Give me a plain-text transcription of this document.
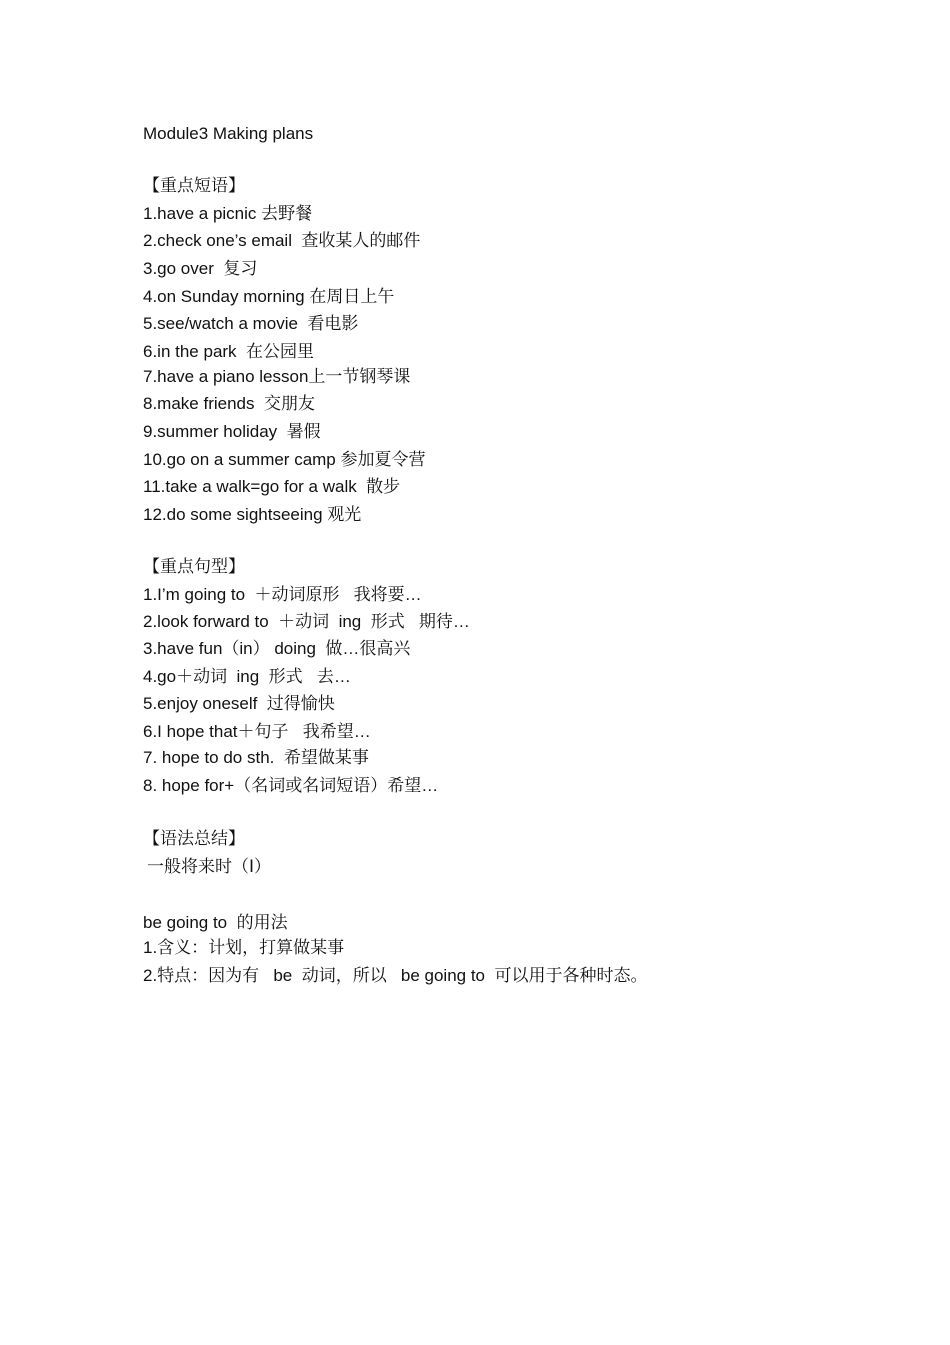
Module3 Making plans
【重点短语】
1.have a picnic 去野餐
2.check one’s email  查收某人的邮件
3.go over  复习
4.on Sunday morning 在周日上午
5.see/watch a movie  看电影
6.in the park  在公园里
7.have a piano lesson上一节钢琴课
8.make friends  交朋友
9.summer holiday  暑假
10.go on a summer camp 参加夏令营
11.take a walk=go for a walk  散步
12.do some sightseeing 观光
【重点句型】
1.I’m going to  ＋动词原形   我将要…
2.look forward to  ＋动词  ing  形式   期待…
3.have fun（in） doing  做…很高兴
4.go＋动词  ing  形式   去…
5.enjoy oneself  过得愉快
6.I hope that＋句子   我希望…
7. hope to do sth.  希望做某事
8. hope for+（名词或名词短语）希望…
【语法总结】
一般将来时（Ⅰ）
be going to  的用法
1.含义：计划，打算做某事
2.特点：因为有   be  动词，所以   be going to  可以用于各种时态。
